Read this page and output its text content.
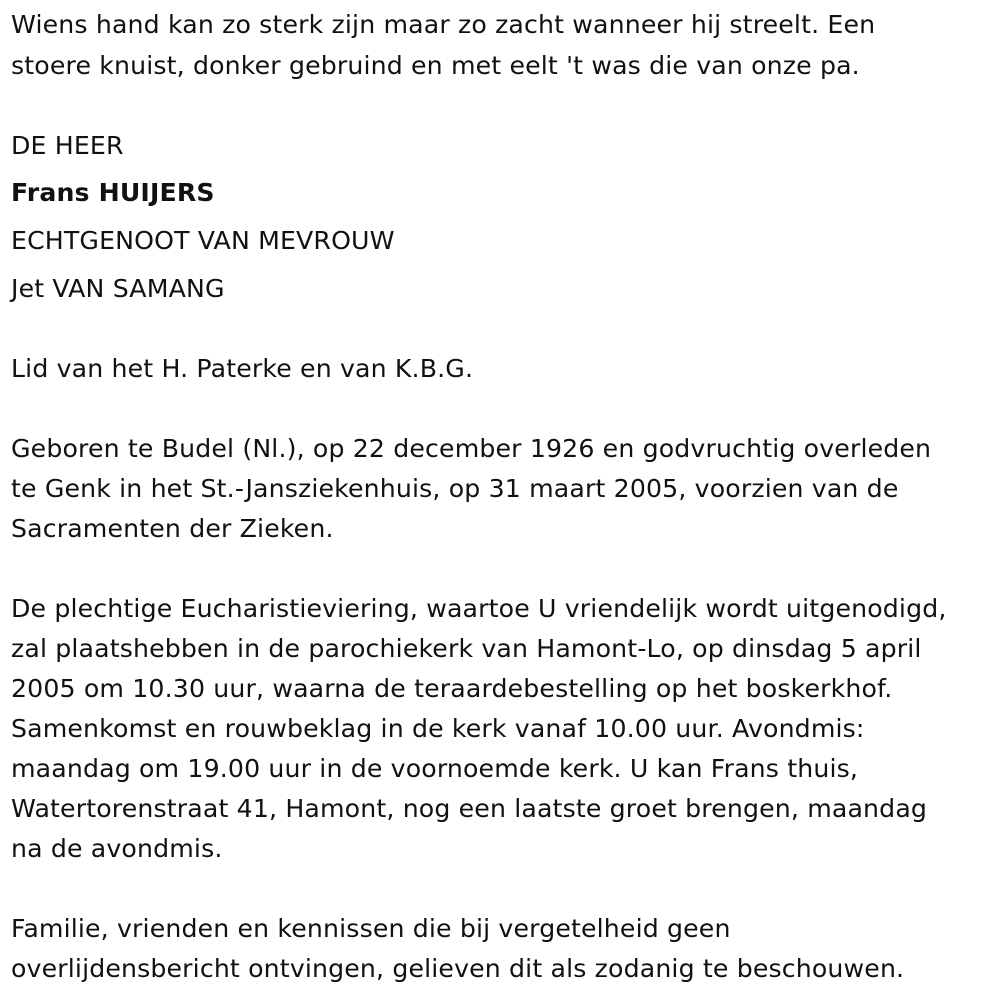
Wiens hand kan zo sterk zijn maar zo zacht wanneer hij streelt. Een
stoere knuist, donker gebruind en met eelt 't was die van onze pa.
DE HEER
Frans HUIJERS
ECHTGENOOT VAN MEVROUW
Jet VAN SAMANG
Lid van het H. Paterke en van K.B.G.
Geboren te Budel (Nl.), op 22 december 1926 en godvruchtig overleden
te Genk in het St.-Jansziekenhuis, op 31 maart 2005, voorzien van de
Sacramenten der Zieken.
De plechtige Eucharistieviering, waartoe U vriendelijk wordt uitgenodigd,
zal plaatshebben in de parochiekerk van Hamont-Lo, op dinsdag 5 april
2005 om 10.30 uur, waarna de teraardebestelling op het boskerkhof.
Samenkomst en rouwbeklag in de kerk vanaf 10.00 uur. Avondmis:
maandag om 19.00 uur in de voornoemde kerk. U kan Frans thuis,
Watertorenstraat 41, Hamont, nog een laatste groet brengen, maandag
na de avondmis.
Familie, vrienden en kennissen die bij vergetelheid geen
overlijdensbericht ontvingen, gelieven dit als zodanig te beschouwen.
